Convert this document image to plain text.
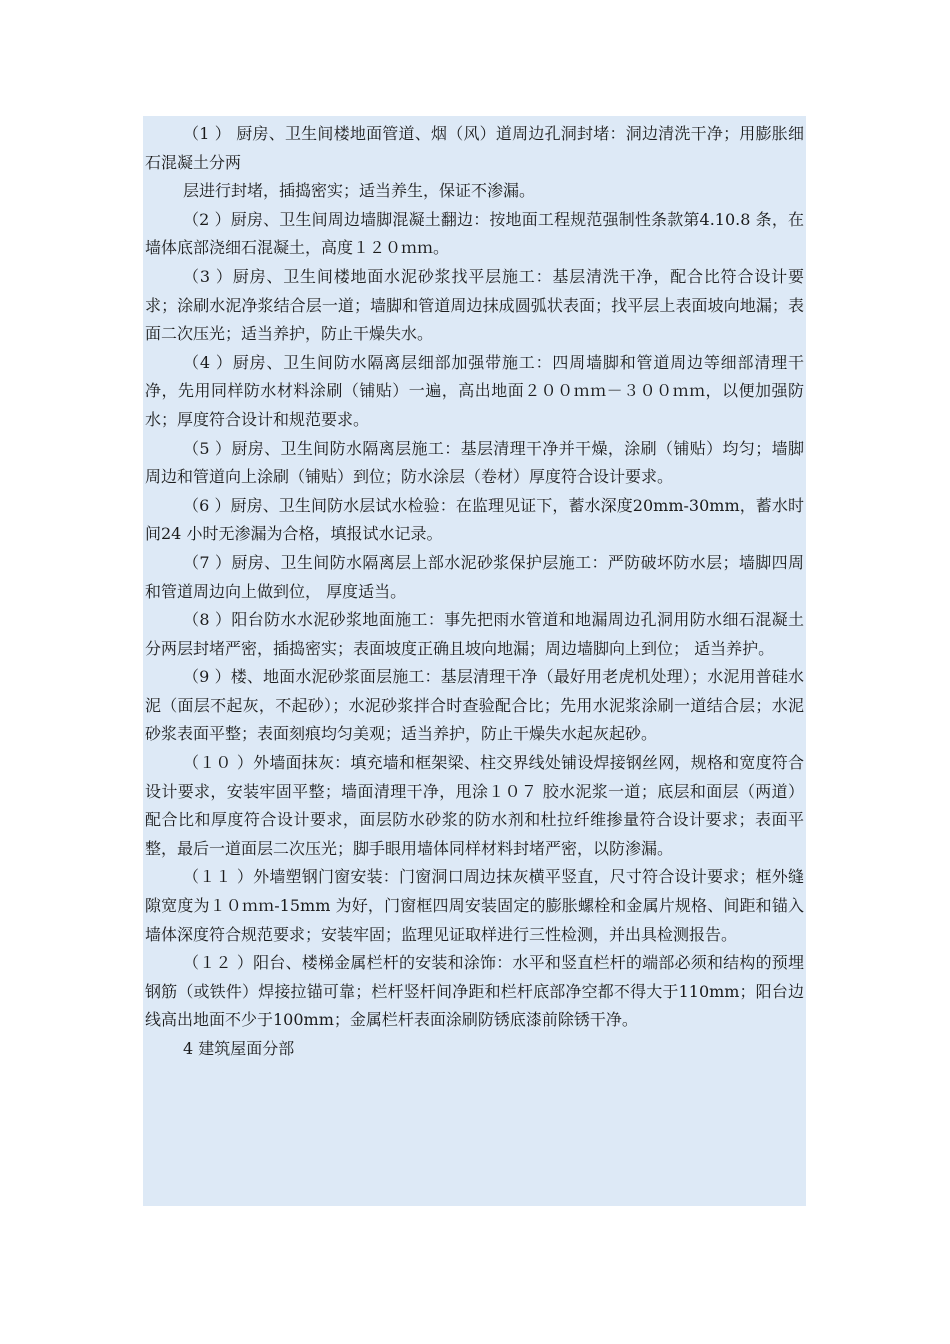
（1 ） 厨房、卫生间楼地面管道、烟（风）道周边孔洞封堵：洞边清洗干净；用膨胀细石混凝土分两

层进行封堵，插捣密实；适当养生，保证不渗漏。

（2 ）厨房、卫生间周边墙脚混凝土翻边：按地面工程规范强制性条款第4.10.8 条，在墙体底部浇细石混凝土，高度１２０ｍｍ。

（3 ）厨房、卫生间楼地面水泥砂浆找平层施工：基层清洗干净，配合比符合设计要求；涂刷水泥净浆结合层一道；墙脚和管道周边抹成圆弧状表面；找平层上表面坡向地漏；表面二次压光；适当养护，防止干燥失水。

（4 ）厨房、卫生间防水隔离层细部加强带施工：四周墙脚和管道周边等细部清理干净，先用同样防水材料涂刷（铺贴）一遍，高出地面２００ｍｍ－３００ｍｍ，以便加强防水；厚度符合设计和规范要求。

（5 ）厨房、卫生间防水隔离层施工：基层清理干净并干燥，涂刷（铺贴）均匀；墙脚周边和管道向上涂刷（铺贴）到位；防水涂层（卷材）厚度符合设计要求。

（6 ）厨房、卫生间防水层试水检验：在监理见证下，蓄水深度20mm-30mm，蓄水时间24 小时无渗漏为合格，填报试水记录。

（7 ）厨房、卫生间防水隔离层上部水泥砂浆保护层施工：严防破坏防水层；墙脚四周和管道周边向上做到位， 厚度适当。

（8 ）阳台防水水泥砂浆地面施工：事先把雨水管道和地漏周边孔洞用防水细石混凝土分两层封堵严密，插捣密实；表面坡度正确且坡向地漏；周边墙脚向上到位； 适当养护。

（9 ）楼、地面水泥砂浆面层施工：基层清理干净（最好用老虎机处理）；水泥用普硅水泥（面层不起灰，不起砂）；水泥砂浆拌合时查验配合比；先用水泥浆涂刷一道结合层；水泥砂浆表面平整；表面刻痕均匀美观；适当养护，防止干燥失水起灰起砂。

（１０ ）外墙面抹灰：填充墙和框架梁、柱交界线处铺设焊接钢丝网，规格和宽度符合设计要求，安装牢固平整；墙面清理干净，甩涂１０７ 胶水泥浆一道；底层和面层（两道）配合比和厚度符合设计要求，面层防水砂浆的防水剂和杜拉纤维掺量符合设计要求；表面平整，最后一道面层二次压光；脚手眼用墙体同样材料封堵严密，以防渗漏。

（１１ ）外墙塑钢门窗安装：门窗洞口周边抹灰横平竖直，尺寸符合设计要求；框外缝隙宽度为１０ｍｍ-15mm 为好，门窗框四周安装固定的膨胀螺栓和金属片规格、间距和锚入墙体深度符合规范要求；安装牢固；监理见证取样进行三性检测，并出具检测报告。

（１２ ）阳台、楼梯金属栏杆的安装和涂饰：水平和竖直栏杆的端部必须和结构的预埋钢筋（或铁件）焊接拉锚可靠；栏杆竖杆间净距和栏杆底部净空都不得大于110mm；阳台边线高出地面不少于100mm；金属栏杆表面涂刷防锈底漆前除锈干净。

4 建筑屋面分部
